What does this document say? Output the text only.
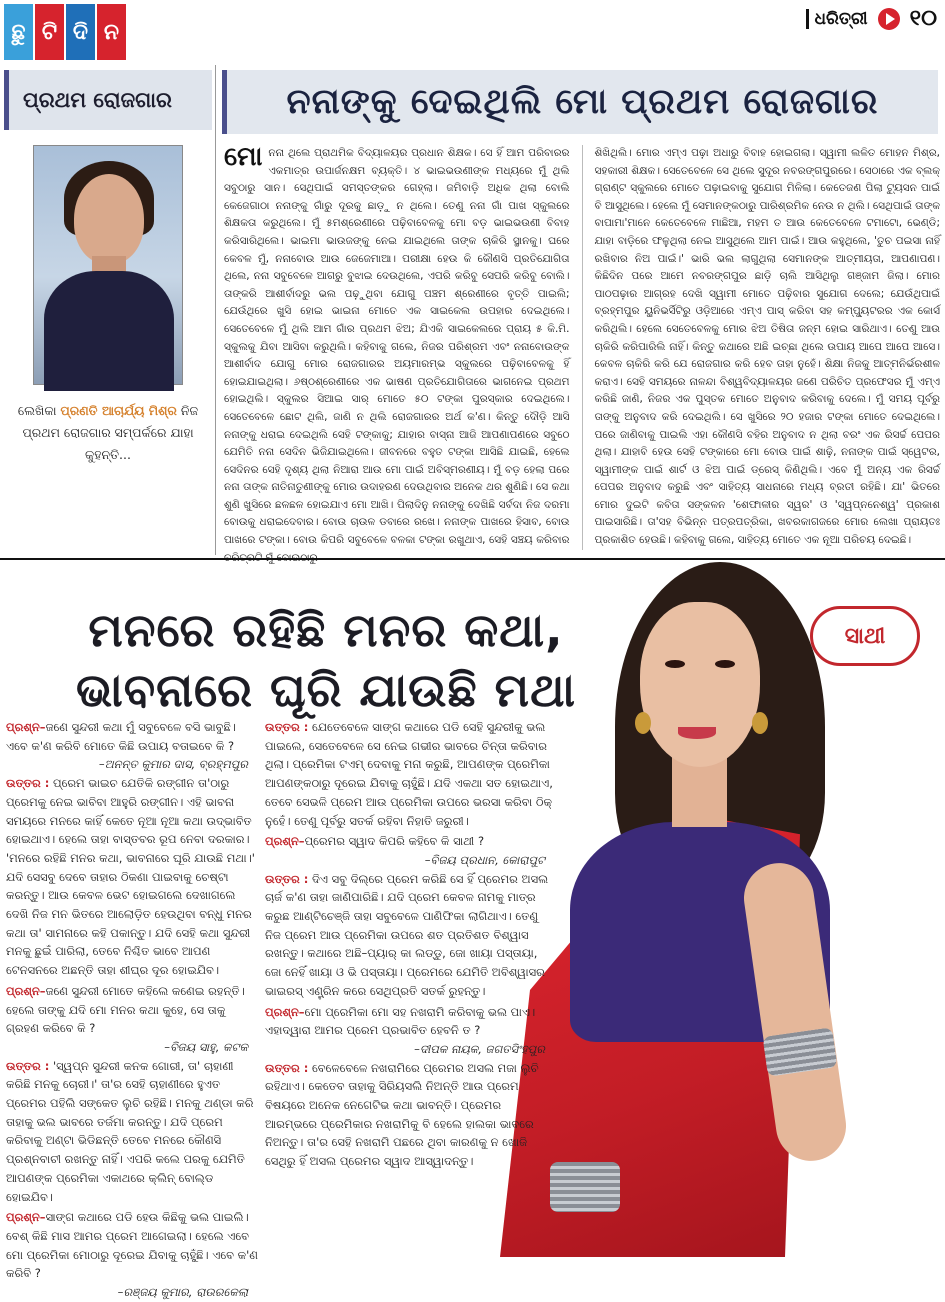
ଛୁ ଟି ଦି ନ
ଧରିତ୍ରୀ ୧୦
ପ୍ରଥମ ରୋଜଗାର
ଲେଖିକା ପ୍ରଣତି ଆଚାର୍ଯ୍ୟ ମିଶ୍ର ନିଜ ପ୍ରଥମ ରୋଜଗାର ସମ୍ପର୍କରେ ଯାହା କୁହନ୍ତି...
ନନାଙ୍କୁ ଦେଇଥିଲି ମୋ ପ୍ରଥମ ରୋଜଗାର
ମୋ ନନା ଥିଲେ ପ୍ରାଥମିକ ବିଦ୍ୟାଳୟର ପ୍ରଧାନ ଶିକ୍ଷକ। ସେ ହିଁ ଆମ ପରିବାରର ଏକମାତ୍ର ଉପାର୍ଜନକ୍ଷମ ବ୍ୟକ୍ତି। ୪ ଭାଇଭଉଣୀଙ୍କ ମଧ୍ୟରେ ମୁଁ ଥିଲି ସବୁଠାରୁ ସାନ। ସେଥିପାଇଁ ସମସ୍ତଙ୍କର ଗେହ୍ଲା। ଜମିବାଡ଼ି ଅଧିକ ଥିଲା ବୋଲି କେଜେଗାଠା ନନାଙ୍କୁ ଗାଁରୁ ଦୂରକୁ ଛାଡ଼ୁ ନ ଥିଲେ। ତେଣୁ ନନା ଗାଁ ପାଖ ସ୍କୁଲରେ ଶିକ୍ଷକତା କରୁଥିଲେ। ମୁଁ ୫ମଶ୍ରେଣୀରେ ପଢ଼ିବାବେଳକୁ ମୋ ବଡ଼ ଭାଇଭଉଣୀ ବିବାହ କରିସାରିଥିଲେ। ଭାଇମା ଭାଉଜଙ୍କୁ ନେଇ ଯାଇଥିଲେ ତାଙ୍କ ଚାକିରି ସ୍ଥାନକୁ। ଘରେ କେବଳ ମୁଁ, ନନାବୋଉ ଆଉ ଜେଜେମାଆ। ପରୀକ୍ଷା ହେଉ କି କୌଣସି ପ୍ରତିଯୋଗିତା ଥିଲେ, ନନା ସବୁବେଳେ ଆଗରୁ ବୁଝାଇ ଦେଉଥିଲେ, ଏପରି କରିବୁ ସେପରି କରିବୁ ବୋଲି। ତାଙ୍କରି ଆଶୀର୍ବାଦରୁ ଭଲ ପଢ଼ୁଥିବା ଯୋଗୁ ପଞ୍ଚମ ଶ୍ରେଣୀରେ ବୃତ୍ତି ପାଇଲି; ଯେଉଁଥିରେ ଖୁସି ହୋଇ ଭାଇନା ମୋତେ ଏକ ସାଇକେଲ ଉପହାର ଦେଇଥିଲେ। ସେତେବେଳେ ମୁଁ ଥିଲି ଆମ ଗାଁର ପ୍ରଥମ ଝିଅ; ଯିଏକି ସାଇକେଲରେ ପ୍ରାୟ ୫ କି.ମି. ସ୍କୁଲକୁ ଯିବା ଆସିବା କରୁଥିଲି। କହିବାକୁ ଗଲେ, ନିଜର ପରିଶ୍ରମ ଏବଂ ନନାବୋଉଙ୍କ ଆଶୀର୍ବାଦ ଯୋଗୁ ମୋର ରୋଜଗାରର ଅୟମାରମ୍ଭ ସ୍କୁଲରେ ପଢ଼ିବାବେଳକୁ ହିଁ ହୋଇଯାଇଥିଲା। ୬ଷ୍ଠଶ୍ରେଣୀରେ ଏକ ଭାଷଣ ପ୍ରତିଯୋଗିତାରେ ଭାଗନେଇ ପ୍ରଥମ ହୋଇଥିଲି। ସ୍କୁଲର ସିଆଇ ସାର୍ ମୋତେ ୫୦ ଟଙ୍କା ପୁରସ୍କାର ଦେଇଥିଲେ। ସେତେବେଳେ ଛୋଟ ଥିଲି, ଜାଣି ନ ଥିଲି ରୋଜଗାରର ଅର୍ଥ କ'ଣ। କିନ୍ତୁ ଦୌଡ଼ି ଆସି ନନାଙ୍କୁ ଧରାଇ ଦେଇଥିଲି ସେହି ଟଙ୍କାକୁ; ଯାହାର ବାସ୍ନା ଆଜି ଆପଣାପଣରେ ସବୁଠେ ଯେମିତି ନନା ସେଦିନ ଭିଜିଯାଇଥିଲେ। ଜୀବନରେ ବହୁତ ଟଙ୍କା ଆସିଛି ଯାଇଛି, ହେଲେ ସେଦିନର ସେହି ଦୃଶ୍ୟ ଥିଲା ନିଆରା ଆଉ ମୋ ପାଇଁ ଅବିସ୍ମରଣୀୟ। ମୁଁ ବଡ଼ ହେଲା ପରେ ନନା ତାଙ୍କ ନାତିନାତୁଣୀଙ୍କୁ ମୋର ଉଦାହରଣ ଦେଉଥିବାର ଅନେକ ଥର ଶୁଣିଛି। ସେ କଥା ଶୁଣି ଖୁସିରେ ଛଳଛଳ ହୋଇଯାଏ ମୋ ଆଖି। ପିଲାଦିନୁ ନନାଙ୍କୁ ଦେଖିଛି ସର୍ବଦା ନିଜ ଦରମା ବୋଉକୁ ଧରାଇଦେବାର। ବୋଉ ଚାଉଳ ଡବାରେ ରଖେ। ନନାଙ୍କ ପାଖରେ ହିସାବ, ବୋଉ ପାଖରେ ଟଙ୍କା। ବୋଉ କିପରି ସବୁବେଳେ ବଳକା ଟଙ୍କା ରଖୁଥାଏ, ସେହି ସଞ୍ଚୟ କରିବାର
ଶିଖିଥିଲି। ମୋର ଏମ୍‌ଏ ପଢ଼ା ଅଧାରୁ ବିବାହ ହୋଇଗଲା। ସ୍ୱାମୀ ଲଳିତ ମୋହନ ମିଶ୍ର, ସହକାରୀ ଶିକ୍ଷକ। ସେତେବେଳେ ସେ ଥିଲେ ସୁଦୂର ନବରଙ୍ଗପୁରରେ। ସେଠାରେ ଏକ ବ୍ଲକ୍ ଗ୍ରାଣ୍ଟ ସ୍କୁଲରେ ମୋତେ ପଢ଼ାଇବାକୁ ସୁଯୋଗ ମିଳିଲା। କେତେଜଣ ପିଲା ଟ୍ୟୁସନ ପାଇଁ ବି ଆସୁଥିଲେ। ହେଲେ ମୁଁ ସେମାନଙ୍କଠାରୁ ପାରିଶ୍ରମିକ ନେଉ ନ ଥିଲି। ସେଥିପାଇଁ ତାଙ୍କ ବାପାମା'ମାନେ କେତେବେଳେ ମାଛିଆ, ମହମ ତ ଆଉ କେତେବେଳେ ଟମାଟୋ, ଭେଣ୍ଡି; ଯାହା ବାଡ଼ିରେ ଫଳୁଥିଲା ନେଇ ଆସୁଥିଲେ ଆମ ପାଇଁ। ଆଉ କହୁଥିଲେ, 'ତୁଚ ପଇସା ନାହିଁ ରଖିବାର ନିଅ ପାଇଁ।' ଭାରି ଭଲ ଲାଗୁଥିଲା ସେମାନଙ୍କ ଆତ୍ମୀୟତା, ଆପଣାପଣ। କିଛିଦିନ ପରେ ଆମେ ନବରଙ୍ଗପୁର ଛାଡ଼ି ଚାଲି ଆସିଥିଲୁ ଗଞ୍ଜାମ ଜିଲା। ମୋର ପାଠପଢ଼ାର ଆଗ୍ରହ ଦେଖି ସ୍ୱାମୀ ମୋତେ ପଢ଼ିବାର ସୁଯୋଗ ଦେଲେ; ଯେଉଁଥିପାଇଁ ବ୍ରହ୍ମପୁର ୟୁନିଭର୍ସିଟିରୁ ଓଡ଼ିଆରେ ଏମ୍‌ଏ ପାସ୍ କରିବା ସହ କମ୍ପ୍ୟୁଟରର ଏକ କୋର୍ସ କରିଥିଲି। ହେଲେ ସେତେବେଳକୁ ମୋର ଝିଅ ତିଷିତା ଜନ୍ମ ହୋଇ ସାରିଥାଏ। ତେଣୁ ଆଉ ଚାକିରି କରିପାରିଲି ନାହିଁ। କିନ୍ତୁ କଥାରେ ଅଛି ଇଚ୍ଛା ଥିଲେ ଉପାୟ ଆପେ ଆପେ ଆସେ। କେବଳ ଚାକିରି କରି ଯେ ରୋଜଗାର କରି ହେବ ତାହା ନୁହେଁ। ଶିକ୍ଷା ନିଜକୁ ଆତ୍ମନିର୍ଭରଶୀଳ କରାଏ। ସେହି ସମୟରେ ନାଳନ୍ଦା ବିଶ୍ୱବିଦ୍ୟାଳୟର ଜଣେ ପରିଚିତ ପ୍ରଫେସର ମୁଁ ଏମ୍‌ଏ କରିଛି ଜାଣି, ନିଜର ଏକ ପୁସ୍ତକ ମୋତେ ଅନୁବାଦ କରିବାକୁ ଦେଲେ। ମୁଁ ସମୟ ପୂର୍ବରୁ ତାଙ୍କୁ ଅନୁବାଦ କରି ଦେଇଥିଲି। ସେ ଖୁସିରେ ୨୦ ହଜାର ଟଙ୍କା ମୋତେ ଦେଇଥିଲେ। ପରେ ଜାଣିବାକୁ ପାଇଲି ଏହା କୌଣସି ବହିର ଅନୁବାଦ ନ ଥିଲା ବରଂ ଏକ ରିସର୍ଚ୍ଚ ପେପର ଥିଲା। ଯାହାବି ହେଉ ସେହି ଟଙ୍କାରେ ମୋ ବୋଉ ପାଇଁ ଶାଢ଼ି, ନନାଙ୍କ ପାଇଁ ସ୍ୱେଟର, ସ୍ୱାମୀଙ୍କ ପାଇଁ ଶାର୍ଟ ଓ ଝିଅ ପାଇଁ ଡ୍ରେସ୍ କିଣିଥିଲି। ଏବେ ମୁଁ ଅନ୍ୟ ଏକ ରିସର୍ଚ୍ଚ ପେପର ଅନୁବାଦ କରୁଛି ଏବଂ ସାହିତ୍ୟ ସାଧନାରେ ମଧ୍ୟ ବ୍ରତୀ ରହିଛି। ଯା' ଭିତରେ ମୋର ଦୁଇଟି କବିତା ସଙ୍କଳନ 'ଶେଫାଳୀର ସ୍ୱର' ଓ 'ସ୍ୱପ୍ନନେଶ୍ୱ' ପ୍ରକାଶ ପାଇସାରିଛି। ତା'ସହ ବିଭିନ୍ନ ପତ୍ରପତ୍ରିକା, ଖବରକାଗଜରେ ମୋର ଲେଖା ପ୍ରାୟତଃ ପ୍ରକାଶିତ ହେଉଛି। କହିବାକୁ ଗଲେ, ସାହିତ୍ୟ ମୋତେ ଏକ ନୂଆ ପରିଚୟ ଦେଇଛି।
ମନରେ ରହିଛି ମନର କଥା,
ଭାବନାରେ ଘୂରି ଯାଉଛି ମଥା
ସାଥୀ
ପ୍ରଶ୍ନ–ଜଣେ ସୁନ୍ଦରୀ କଥା ମୁଁ ସବୁବେଳେ ବସି ଭାବୁଛି। ଏବେ କ'ଣ କରିବି ମୋତେ କିଛି ଉପାୟ ବତାଇବେ କି ?
–ଅନନ୍ତ କୁମାର ଦାସ, ବ୍ରହ୍ମପୁର
ଉତ୍ତର : ପ୍ରେମ ଭାଇଚ ଯେତିକି ରଙ୍ଗୀନ ତା'ଠାରୁ ପ୍ରେମକୁ ନେଇ ଭାବିବା ଆହୁରି ରଙ୍ଗୀନ। ଏହି ଭାବନା ସମୟରେ ମନରେ କାହିଁ କେତେ ନୂଆ ନୂଆ କଥା ଉଦ୍‌ଭାବିତ ହୋଇଥାଏ। ହେଲେ ତାହା ବାସ୍ତବର ରୂପ ନେବା ଦରକାର। 'ମନରେ ରହିଛି ମନର କଥା, ଭାବନାରେ ଘୂରି ଯାଉଛି ମଥା।' ଯଦି ସେସବୁ ଦେବେ ତାହାର ଠିକଣା ପାଇବାକୁ ଚେଷ୍ଟା କରନ୍ତୁ। ଆଉ କେବଳ ଭେଟ ହୋଇଗଲେ ଦେଖାଗଲେ ଦେଖି ନିଜ ମନ ଭିତରେ ଆଲୋଡ଼ିତ ହେଉଥିବା ବନ୍ଧୁ ମନର କଥା ତା' ସାମନାରେ କହି ପକାନ୍ତୁ। ଯଦି ସେହି କଥା ସୁନ୍ଦରୀ ମନକୁ ଛୁଇଁ ପାରିଲା, ତେବେ ନିଶ୍ଚିତ ଭାବେ ଆପଣ ଟେନସନରେ ଅଛନ୍ତି ତାହା ଶୀଘ୍ର ଦୂର ହୋଇଯିବ।
ପ୍ରଶ୍ନ–ଜଣେ ସୁନ୍ଦରୀ ମୋତେ କହିଲେ କଣେଇ ରହନ୍ତି। ହେଲେ ତାଙ୍କୁ ଯଦି ମୋ ମନର କଥା କୁହେ, ସେ ତାକୁ ଗ୍ରହଣ କରିବେ କି ?
–ବିଜୟ ସାହୁ, କଟକ
ଉତ୍ତର : 'ସ୍ୱପ୍ନ ସୁନ୍ଦରୀ କନକ ଗୋରୀ, ତା' ଚାହାଣୀ କରିଛି ମନକୁ ଚୋରୀ।' ତା'ର ସେହି ଚାହାଣୀରେ ହୁଏତ ପ୍ରେମର ପହିଲି ସଙ୍କେତ ଲୁଚି ରହିଛି। ମନକୁ ଥଣ୍ଡା କରି ତାହାକୁ ଭଲ ଭାବରେ ତର୍ଜମା କରନ୍ତୁ। ଯଦି ପ୍ରେମ କରିବାକୁ ଅଣ୍ଟା ଭିଡିଛନ୍ତି ତେବେ ମନରେ କୌଣସି ପ୍ରଶ୍ନବାଚୀ ରଖନ୍ତୁ ନାହିଁ। ଏପରି କଲେ ପରକୁ ଯେମିତି ଆପଣଙ୍କ ପ୍ରେମିକା ଏକାଥରେ କ୍ଲିନ୍ ବୋଲ୍ଡ ହୋଇଯିବ।
ପ୍ରଶ୍ନ–ସାଙ୍ଗ କଥାରେ ପଡି ହେଉ କିଛିକୁ ଭଲ ପାଇଲି। ବେଶ୍ କିଛି ମାସ ଆମର ପ୍ରେମ ଆଗେଇଲା। ହେଲେ ଏବେ ମୋ ପ୍ରେମିକା ମୋଠାରୁ ଦୂରେଇ ଯିବାକୁ ଚାହୁଁଛି। ଏବେ କ'ଣ କରିବି ?
–ରଞ୍ଜୟ କୁମାର, ରାଉରକେଲା
ଉତ୍ତର : ଯେତେବେଳେ ସାଙ୍ଗ କଥାରେ ପଡି ସେହି ସୁନ୍ଦରୀକୁ ଭଲ ପାଇଲେ, ସେତେବେଳେ ସେ ନେଇ ଗଭୀର ଭାବରେ ଚିନ୍ତା କରିବାର ଥିଲା। ପ୍ରେମିକା ଟଏମ୍ ଦେବାକୁ ମନା କରୁଛି, ଆପଣଙ୍କ ପ୍ରେମିକା ଆପଣଙ୍କଠାରୁ ଦୂରେଇ ଯିବାକୁ ଚାହୁଁଛି। ଯଦି ଏକଥା ସତ ହୋଇଥାଏ, ତେବେ ସେଭଳି ପ୍ରେମ ଆଉ ପ୍ରେମିକା ଉପରେ ଭରସା କରିବା ଠିକ୍ ନୁହେଁ। ତେଣୁ ପୂର୍ବରୁ ସତର୍କ ରହିବା ନିହାତି ଜରୁରୀ।
ପ୍ରଶ୍ନ–ପ୍ରେମର ସ୍ୱାଦ କିପରି କହିବେ କି ସାଥୀ ?
–ବିଜୟ ପ୍ରଧାନ, କୋରାପୁଟ
ଉତ୍ତର : ଦିଏ ସବୁ ଦିଲ୍‌ରେ ପ୍ରେମ କରିଛି ସେ ହିଁ ପ୍ରେମର ଅସଲ ଚାର୍ଜ କ'ଣ ତାହା ଜାଣିପାରିଛି। ଯଦି ପ୍ରେମ କେବଳ ନାମକୁ ମାତ୍ର କରୁଛ ଆଣ୍ଟିଚେଞ୍ଜି ତାହା ସବୁବେଳେ ପାଣିଫିକା ଲାଗିଥାଏ। ତେଣୁ ନିଜ ପ୍ରେମ ଆଉ ପ୍ରେମିକା ଉପରେ ଶତ ପ୍ରତିଶତ ବିଶ୍ୱାସ ରଖନ୍ତୁ। କଥାରେ ଅଛି–ପ୍ୟାର୍ କା ଲଡ୍ଡୁ, ଜୋ ଖାୟା ପସ୍ତାୟା, ଜୋ ନେହିଁ ଖାୟା ଓ ଭି ପସ୍ତାୟା। ପ୍ରେମରେ ଯେମିତି ଅବିଶ୍ୱାସର ଭାଇରସ୍ ଏଣ୍ଟ୍ରିନ କରେ ସେଥିପ୍ରତି ସତର୍କ ରୁହନ୍ତୁ।
ପ୍ରଶ୍ନ–ମୋ ପ୍ରେମିକା ମୋ ସହ ନଖରାମି କରିବାକୁ ଭଲ ପାଏ। ଏହାଦ୍ୱାରା ଆମର ପ୍ରେମ ପ୍ରଭାବିତ ହେବନି ତ ?
–ଦୀପକ ନାୟକ, ଜଗତସିଂହପୁର
ଉତ୍ତର : ବେଳେବେଳେ ନଖରାମିରେ ପ୍ରେମର ଅସଲ ମଜା ଲୁଚି ରହିଥାଏ। କେତେବ ତାହାକୁ ସିରିୟସଲି ନିଅନ୍ତି ଆଉ ପ୍ରେମ ବିଷୟରେ ଅନେକ ନେଗେଟିଭ କଥା ଭାବନ୍ତି। ପ୍ରେମର ଆରମ୍ଭରେ ପ୍ରେମିକାର ନଖରାମିକୁ ବି ହେଲେ ହାଲକା ଭାବରେ ନିଅନ୍ତୁ। ତା'ର ସେହି ନଖରାମି ପଛରେ ଥିବା କାରଣକୁ ନ ଖୋଜି ସେଥିରୁ ହିଁ ଅସଲ ପ୍ରେମର ସ୍ୱାଦ ଆସ୍ୱାଦନ୍ତୁ।
